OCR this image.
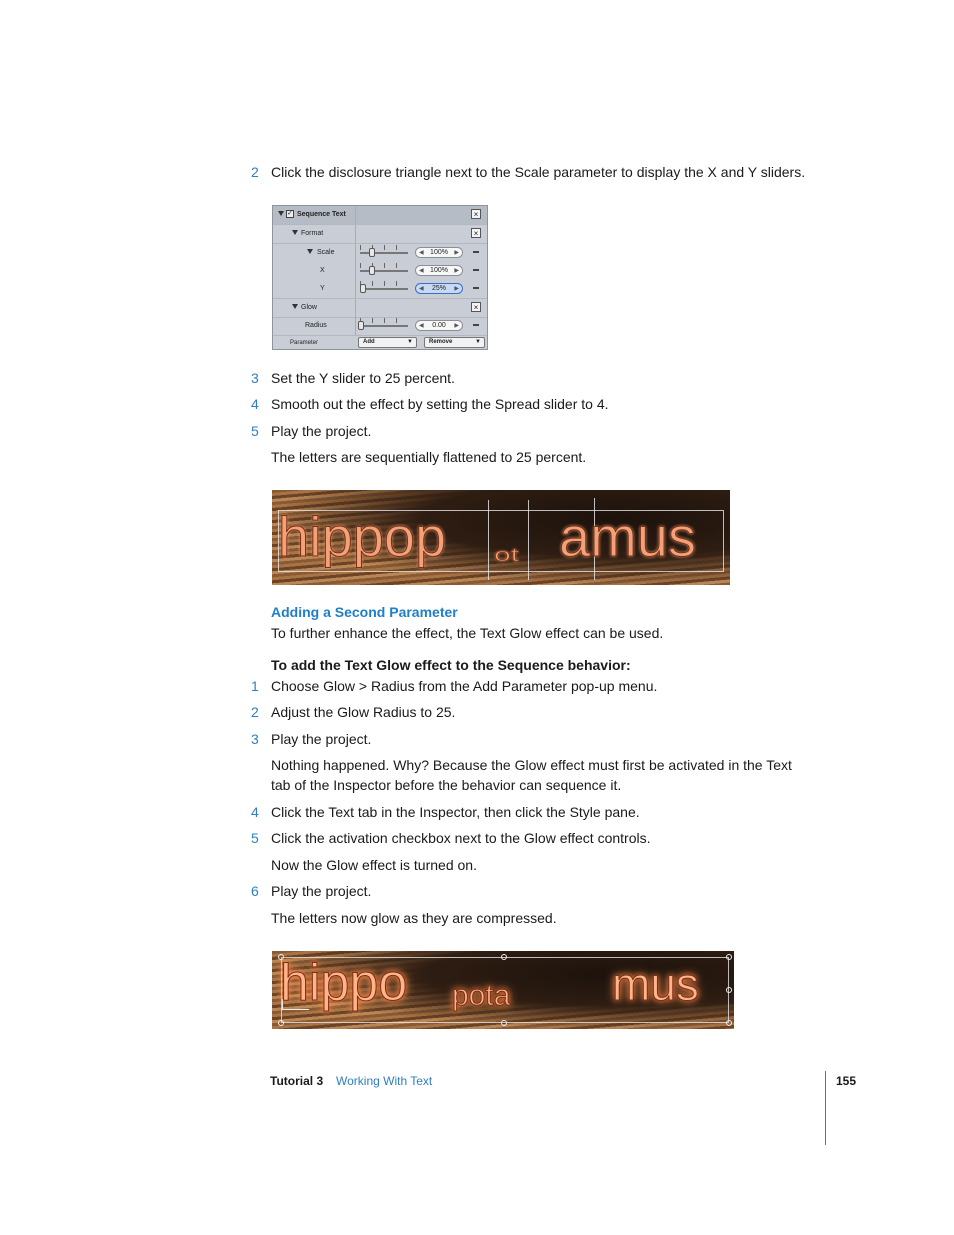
2 Click the disclosure triangle next to the Scale parameter to display the X and Y sliders.
✓ Sequence Text	×
Format	×
Scale	◀ 100% ▶
X	◀ 100% ▶
Y	◀ 25% ▶
Glow	×
Radius	◀ 0.00 ▶
Parameter	Add	▼	Remove	▼
3 Set the Y slider to 25 percent.
4 Smooth out the effect by setting the Spread slider to 4.
5 Play the project.
The letters are sequentially flattened to 25 percent.
hippop ot amus
Adding a Second Parameter
To further enhance the effect, the Text Glow effect can be used.
To add the Text Glow effect to the Sequence behavior:
1 Choose Glow > Radius from the Add Parameter pop-up menu.
2 Adjust the Glow Radius to 25.
3 Play the project.
Nothing happened. Why? Because the Glow effect must first be activated in the Text tab of the Inspector before the behavior can sequence it.
4 Click the Text tab in the Inspector, then click the Style pane.
5 Click the activation checkbox next to the Glow effect controls.
Now the Glow effect is turned on.
6 Play the project.
The letters now glow as they are compressed.
hippo pota mus
Tutorial 3 Working With Text	155
